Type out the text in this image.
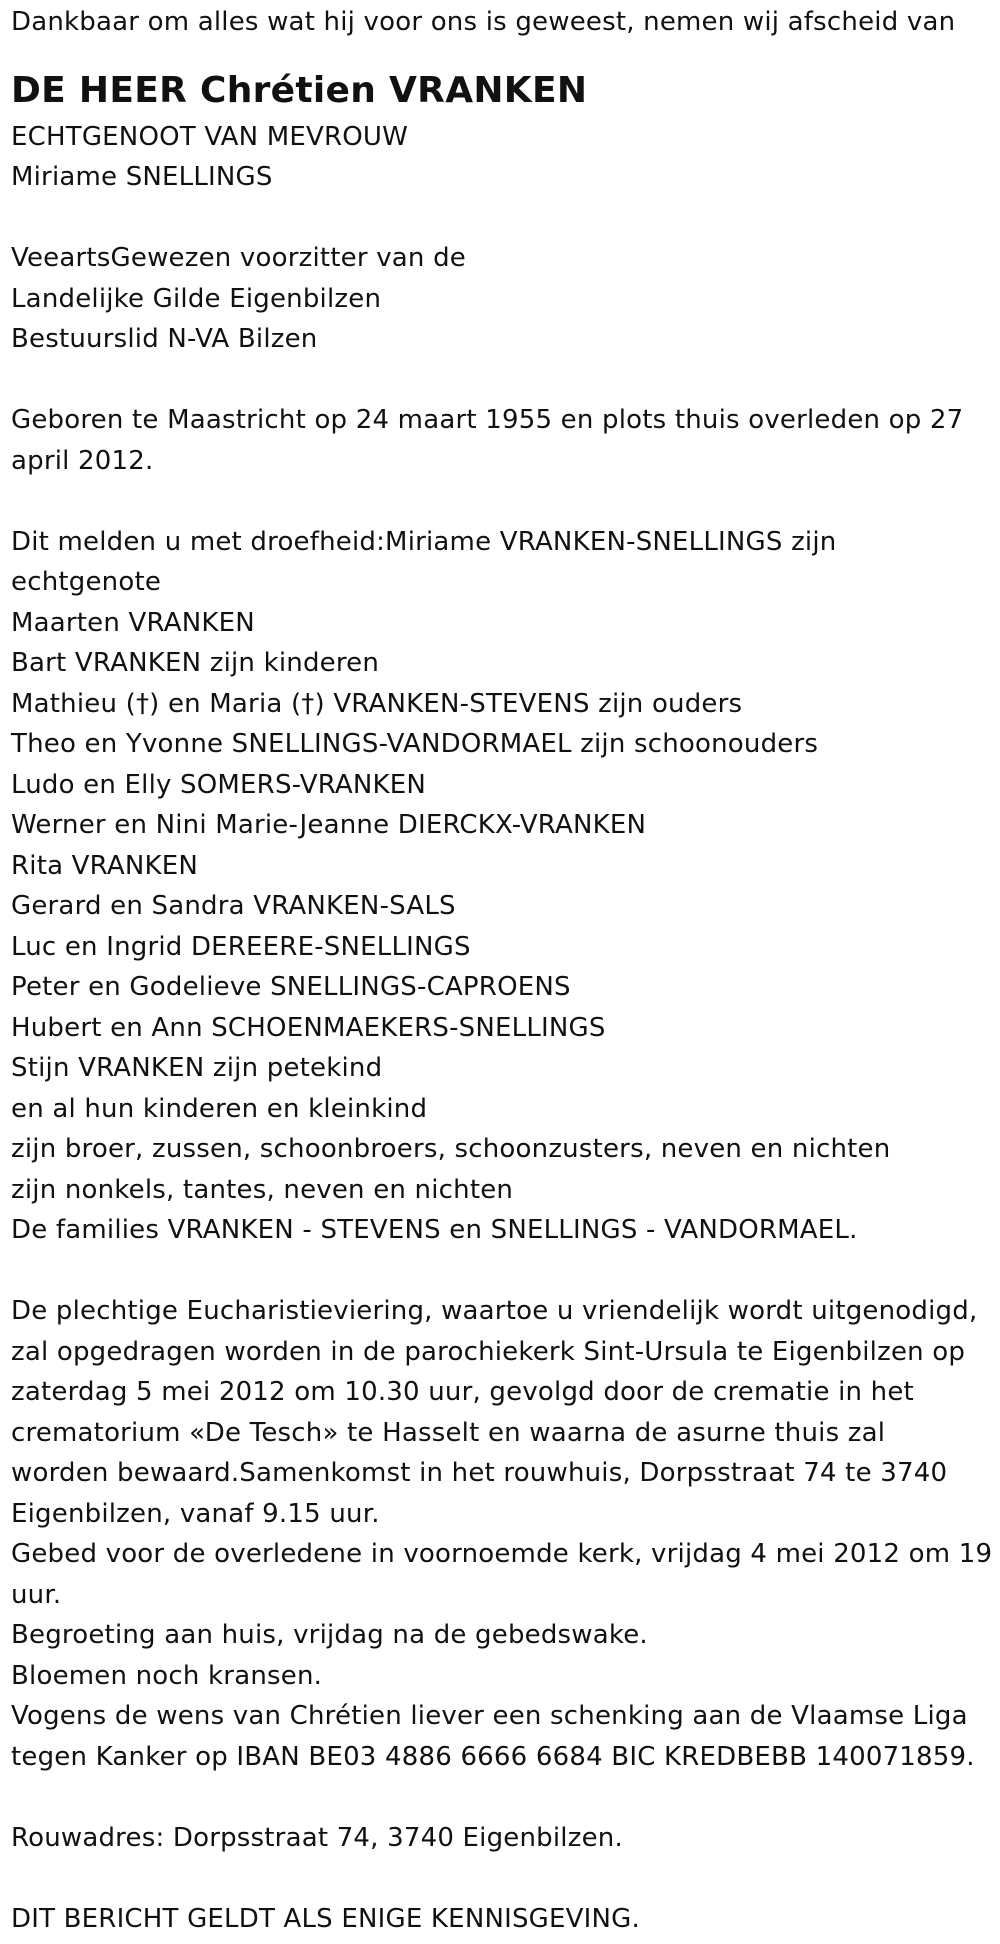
Dankbaar om alles wat hij voor ons is geweest, nemen wij afscheid van
DE HEER Chrétien VRANKEN
ECHTGENOOT VAN MEVROUW
Miriame SNELLINGS
VeeartsGewezen voorzitter van de
Landelijke Gilde Eigenbilzen
Bestuurslid N-VA Bilzen
Geboren te Maastricht op 24 maart 1955 en plots thuis overleden op 27
april 2012.
Dit melden u met droefheid:Miriame VRANKEN-SNELLINGS zijn
echtgenote
Maarten VRANKEN
Bart VRANKEN zijn kinderen
Mathieu (†) en Maria (†) VRANKEN-STEVENS zijn ouders
Theo en Yvonne SNELLINGS-VANDORMAEL zijn schoonouders
Ludo en Elly SOMERS-VRANKEN
Werner en Nini Marie-Jeanne DIERCKX-VRANKEN
Rita VRANKEN
Gerard en Sandra VRANKEN-SALS
Luc en Ingrid DEREERE-SNELLINGS
Peter en Godelieve SNELLINGS-CAPROENS
Hubert en Ann SCHOENMAEKERS-SNELLINGS
Stijn VRANKEN zijn petekind
en al hun kinderen en kleinkind
zijn broer, zussen, schoonbroers, schoonzusters, neven en nichten
zijn nonkels, tantes, neven en nichten
De families VRANKEN - STEVENS en SNELLINGS - VANDORMAEL.
De plechtige Eucharistieviering, waartoe u vriendelijk wordt uitgenodigd,
zal opgedragen worden in de parochiekerk Sint-Ursula te Eigenbilzen op
zaterdag 5 mei 2012 om 10.30 uur, gevolgd door de crematie in het
crematorium «De Tesch» te Hasselt en waarna de asurne thuis zal
worden bewaard.Samenkomst in het rouwhuis, Dorpsstraat 74 te 3740
Eigenbilzen, vanaf 9.15 uur.
Gebed voor de overledene in voornoemde kerk, vrijdag 4 mei 2012 om 19
uur.
Begroeting aan huis, vrijdag na de gebedswake.
Bloemen noch kransen.
Vogens de wens van Chrétien liever een schenking aan de Vlaamse Liga
tegen Kanker op IBAN BE03 4886 6666 6684 BIC KREDBEBB 140071859.
Rouwadres: Dorpsstraat 74, 3740 Eigenbilzen.
DIT BERICHT GELDT ALS ENIGE KENNISGEVING.
